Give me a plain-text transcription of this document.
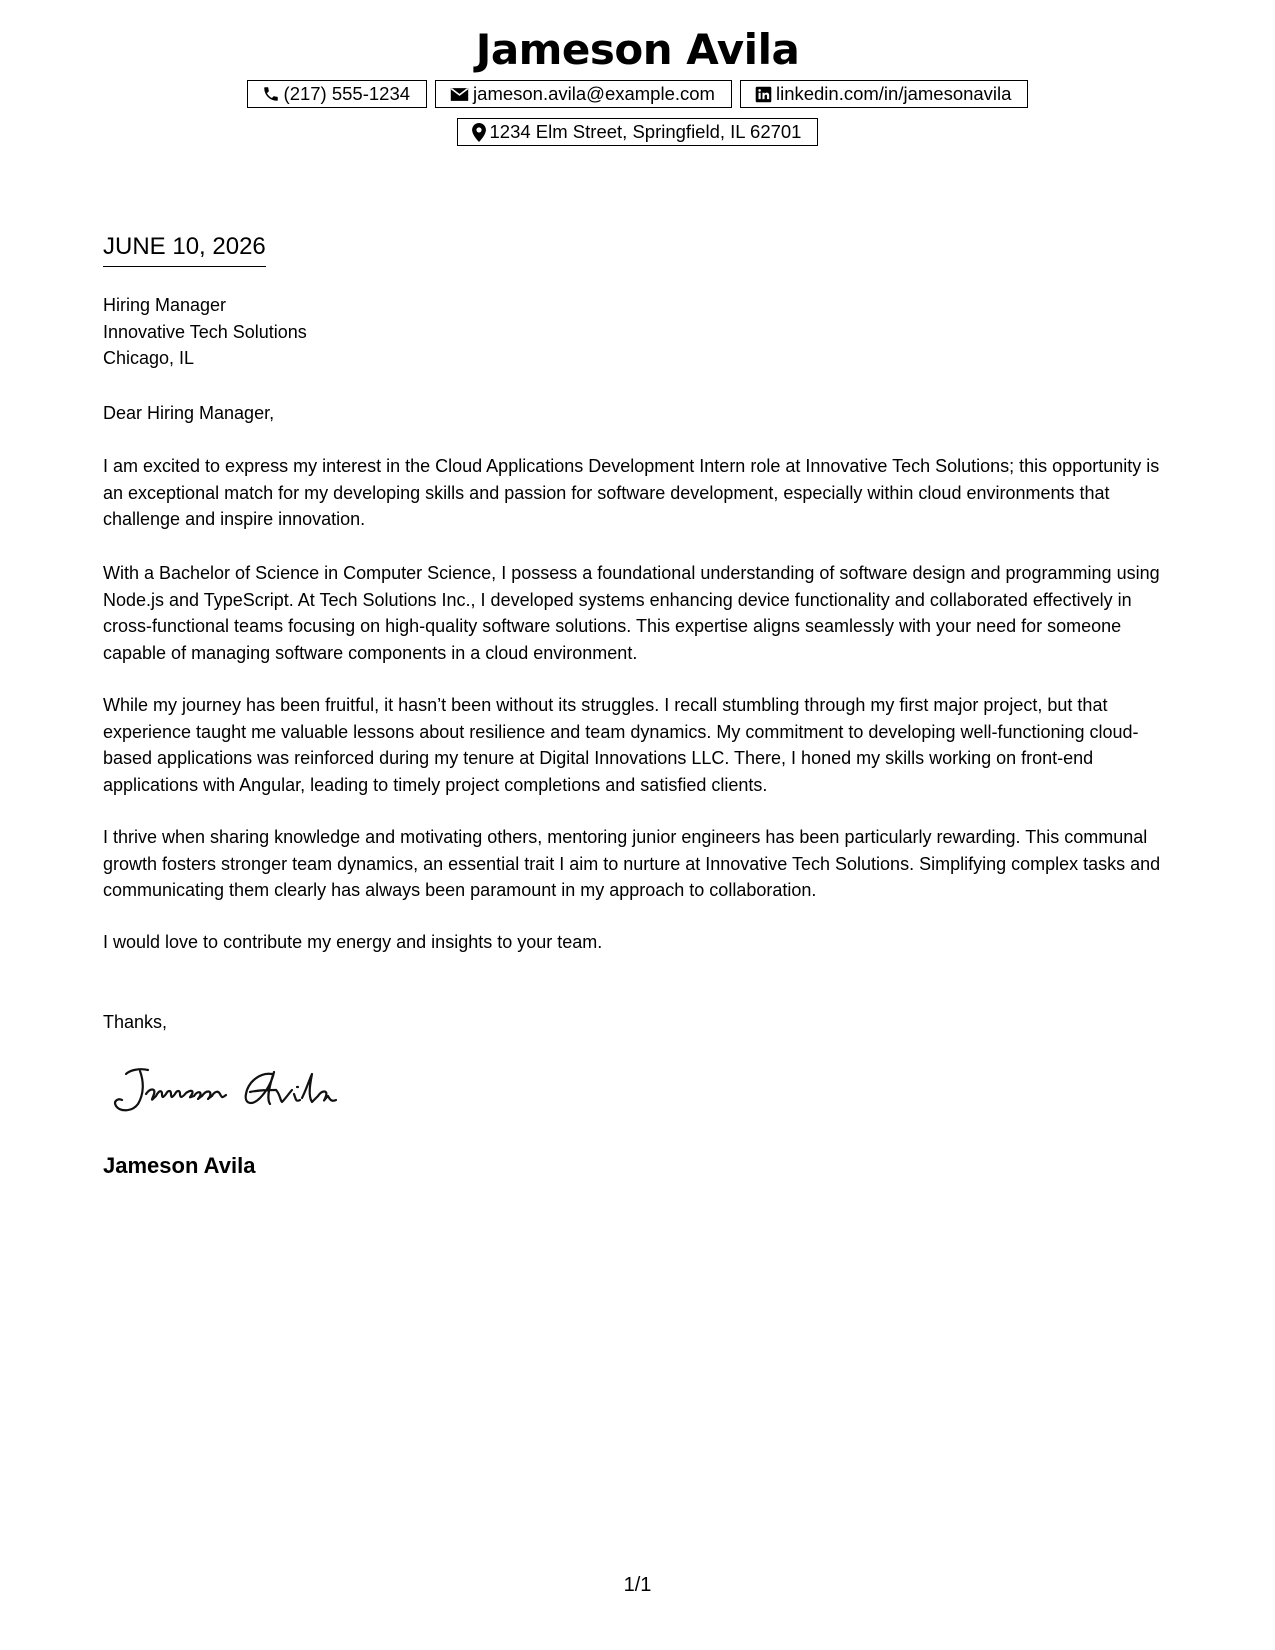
Jameson Avila
(217) 555-1234	jameson.avila@example.com	linkedin.com/in/jamesonavila
1234 Elm Street, Springfield, IL 62701
JUNE 10, 2026
Hiring Manager
Innovative Tech Solutions
Chicago, IL
Dear Hiring Manager,

I am excited to express my interest in the Cloud Applications Development Intern role at Innovative Tech Solutions; this opportunity is an exceptional match for my developing skills and passion for software development, especially within cloud environments that challenge and inspire innovation.

With a Bachelor of Science in Computer Science, I possess a foundational understanding of software design and programming using Node.js and TypeScript. At Tech Solutions Inc., I developed systems enhancing device functionality and collaborated effectively in cross-functional teams focusing on high-quality software solutions. This expertise aligns seamlessly with your need for someone capable of managing software components in a cloud environment.

While my journey has been fruitful, it hasn’t been without its struggles. I recall stumbling through my first major project, but that experience taught me valuable lessons about resilience and team dynamics. My commitment to developing well-functioning cloud-based applications was reinforced during my tenure at Digital Innovations LLC. There, I honed my skills working on front-end applications with Angular, leading to timely project completions and satisfied clients.

I thrive when sharing knowledge and motivating others, mentoring junior engineers has been particularly rewarding. This communal growth fosters stronger team dynamics, an essential trait I aim to nurture at Innovative Tech Solutions. Simplifying complex tasks and communicating them clearly has always been paramount in my approach to collaboration.

I would love to contribute my energy and insights to your team.

Thanks,
Jameson Avila
1/1
